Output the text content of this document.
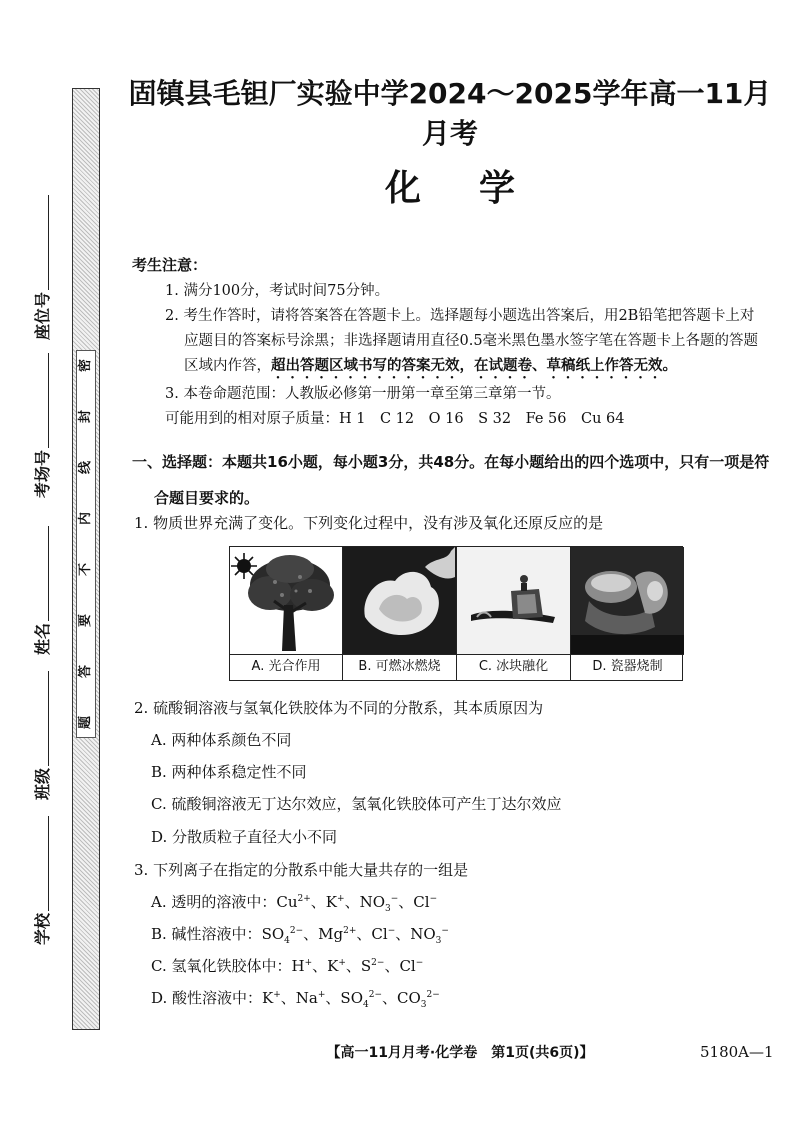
密
封
线
内
不
要
答
题
座位号
考场号
姓名
班级
学校
固镇县毛钽厂实验中学2024～2025学年高一11月月考
化学
考生注意：
1. 满分100分，考试时间75分钟。
2. 考生作答时，请将答案答在答题卡上。选择题每小题选出答案后，用2B铅笔把答题卡上对
应题目的答案标号涂黑；非选择题请用直径0.5毫米黑色墨水签字笔在答题卡上各题的答题
区域内作答，超出答题区域书写的答案无效，在试题卷、草稿纸上作答无效。
3. 本卷命题范围：人教版必修第一册第一章至第三章第一节。
可能用到的相对原子质量：H 1　C 12　O 16　S 32　Fe 56　Cu 64
一、选择题：本题共16小题，每小题3分，共48分。在每小题给出的四个选项中，只有一项是符
合题目要求的。
1. 物质世界充满了变化。下列变化过程中，没有涉及氧化还原反应的是
A. 光合作用	B. 可燃冰燃烧	C. 冰块融化	D. 瓷器烧制
2. 硫酸铜溶液与氢氧化铁胶体为不同的分散系，其本质原因为
A. 两种体系颜色不同
B. 两种体系稳定性不同
C. 硫酸铜溶液无丁达尔效应，氢氧化铁胶体可产生丁达尔效应
D. 分散质粒子直径大小不同
3. 下列离子在指定的分散系中能大量共存的一组是
A. 透明的溶液中：$Cu^{2+}$、K+、$NO_3^-$、Cl−
B. 碱性溶液中：$SO_4^{2-}$、$Mg^{2+}$、Cl−、$NO_3^-$
C. 氢氧化铁胶体中：H+、K+、$S^{2-}$、Cl−
D. 酸性溶液中：K+、Na+、$SO_4^{2-}$、$CO_3^{2-}$
【高一11月月考·化学卷　第1页(共6页)】	5180A—1
